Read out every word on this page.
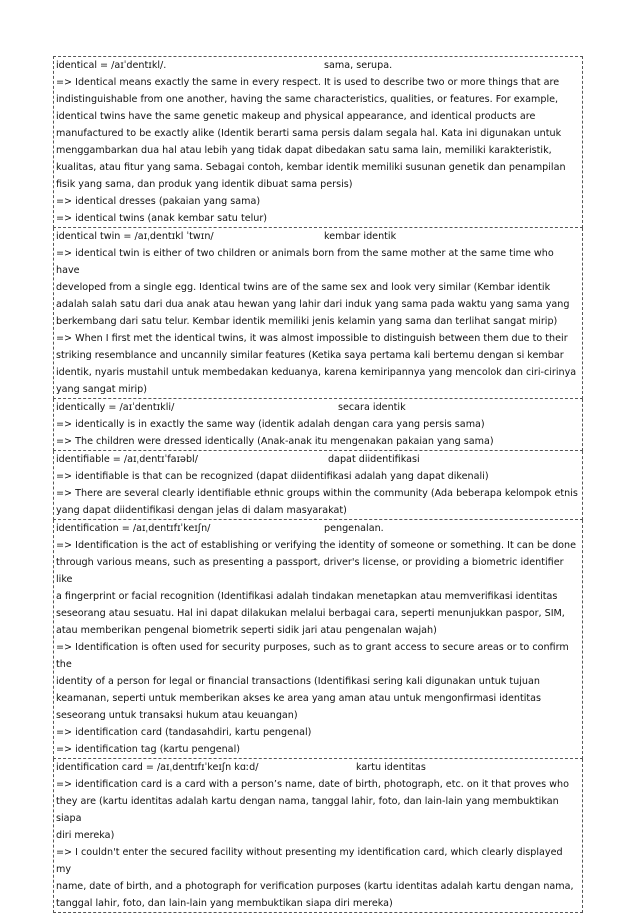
identical = /aɪˈdentɪkl/.	sama, serupa.
=> Identical means exactly the same in every respect. It is used to describe two or more things that are
indistinguishable from one another, having the same characteristics, qualities, or features. For example,
identical twins have the same genetic makeup and physical appearance, and identical products are
manufactured to be exactly alike (Identik berarti sama persis dalam segala hal. Kata ini digunakan untuk
menggambarkan dua hal atau lebih yang tidak dapat dibedakan satu sama lain, memiliki karakteristik,
kualitas, atau fitur yang sama. Sebagai contoh, kembar identik memiliki susunan genetik dan penampilan
fisik yang sama, dan produk yang identik dibuat sama persis)
=> identical dresses (pakaian yang sama)
=> identical twins (anak kembar satu telur)
identical twin = /aɪˌdentɪkl ˈtwɪn/	kembar identik
=> identical twin is either of two children or animals born from the same mother at the same time who have
developed from a single egg. Identical twins are of the same sex and look very similar (Kembar identik
adalah salah satu dari dua anak atau hewan yang lahir dari induk yang sama pada waktu yang sama yang
berkembang dari satu telur. Kembar identik memiliki jenis kelamin yang sama dan terlihat sangat mirip)
=> When I first met the identical twins, it was almost impossible to distinguish between them due to their
striking resemblance and uncannily similar features (Ketika saya pertama kali bertemu dengan si kembar
identik, nyaris mustahil untuk membedakan keduanya, karena kemiripannya yang mencolok dan ciri-cirinya
yang sangat mirip)
identically = /aɪˈdentɪkli/	secara identik
=> identically is in exactly the same way (identik adalah dengan cara yang persis sama)
=> The children were dressed identically (Anak-anak itu mengenakan pakaian yang sama)
identifiable = /aɪˌdentɪˈfaɪəbl/	dapat diidentifikasi
=> identifiable is that can be recognized (dapat diidentifikasi adalah yang dapat dikenali)
=> There are several clearly identifiable ethnic groups within the community (Ada beberapa kelompok etnis
yang dapat diidentifikasi dengan jelas di dalam masyarakat)
identification = /aɪˌdentɪfɪˈkeɪʃn/	pengenalan.
=> Identification is the act of establishing or verifying the identity of someone or something. It can be done
through various means, such as presenting a passport, driver's license, or providing a biometric identifier like
a fingerprint or facial recognition (Identifikasi adalah tindakan menetapkan atau memverifikasi identitas
seseorang atau sesuatu. Hal ini dapat dilakukan melalui berbagai cara, seperti menunjukkan paspor, SIM,
atau memberikan pengenal biometrik seperti sidik jari atau pengenalan wajah)
=> Identification is often used for security purposes, such as to grant access to secure areas or to confirm the
identity of a person for legal or financial transactions (Identifikasi sering kali digunakan untuk tujuan
keamanan, seperti untuk memberikan akses ke area yang aman atau untuk mengonfirmasi identitas
seseorang untuk transaksi hukum atau keuangan)
=> identification card (tandasahdiri, kartu pengenal)
=> identification tag (kartu pengenal)
identification card = /aɪˌdentɪfɪˈkeɪʃn kɑːd/	kartu identitas
=> identification card is a card with a person’s name, date of birth, photograph, etc. on it that proves who
they are (kartu identitas adalah kartu dengan nama, tanggal lahir, foto, dan lain-lain yang membuktikan siapa
diri mereka)
=> I couldn't enter the secured facility without presenting my identification card, which clearly displayed my
name, date of birth, and a photograph for verification purposes (kartu identitas adalah kartu dengan nama,
tanggal lahir, foto, dan lain-lain yang membuktikan siapa diri mereka)
